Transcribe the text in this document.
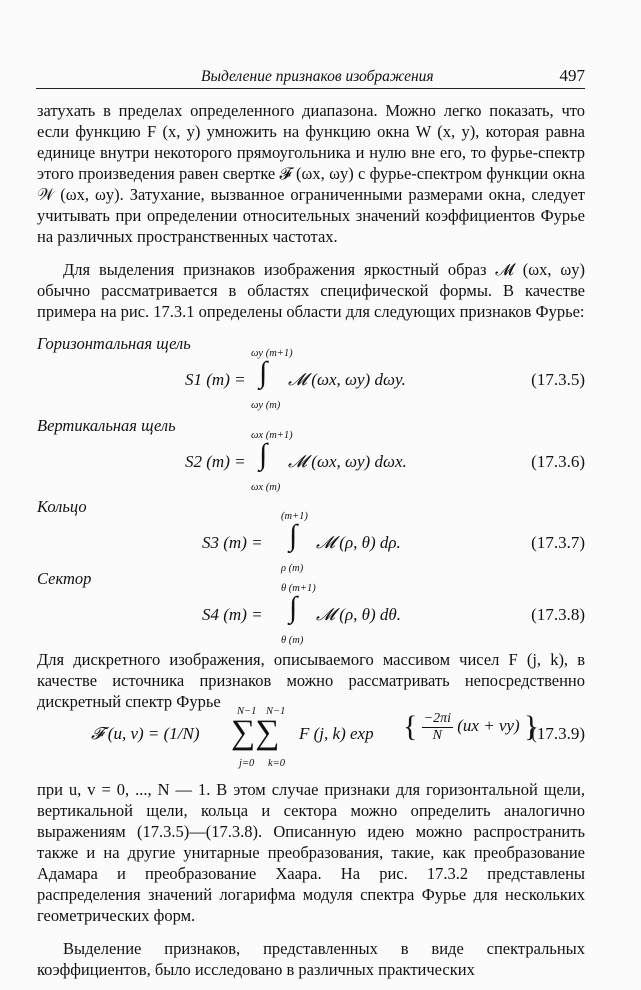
Выделение признаков изображения	497

затухать в пределах определенного диапазона. Можно легко показать, что если функцию F (x, y) умножить на функцию окна W (x, y), которая равна единице внутри некоторого прямоугольника и нулю вне его, то фурье-спектр этого произведения равен свертке 𝓕 (ωx, ωy) с фурье-спектром функции окна 𝒲 (ωx, ωy). Затухание, вызванное ограниченными размерами окна, следует учитывать при определении относительных значений коэффициентов Фурье на различных пространственных частотах.

Для выделения признаков изображения яркостный образ 𝓜 (ωx, ωy) обычно рассматривается в областях специфической формы. В качестве примера на рис. 17.3.1 определены области для следующих признаков Фурье:

Горизонтальная щель

ωy (m+1)
S1 (m) = ∫ 𝓜 (ωx, ωy) dωy.
ωy (m)
(17.3.5)

Вертикальная щель

ωx (m+1)
S2 (m) = ∫ 𝓜 (ωx, ωy) dωx.
ωx (m)
(17.3.6)

Кольцо

(m+1)
S3 (m) = ∫ 𝓜 (ρ, θ) dρ.
ρ (m)
(17.3.7)

Сектор

θ (m+1)
S4 (m) = ∫ 𝓜 (ρ, θ) dθ.
θ (m)
(17.3.8)

Для дискретного изображения, описываемого массивом чисел F (j, k), в качестве источника признаков можно рассматривать непосредственно дискретный спектр Фурье

N−1 N−1
𝓕 (u, v) = (1/N) ∑∑ F (j, k) exp { $\frac{-2\pi i}{N} (ux + vy)$ }
j=0 k=0
(17.3.9)

при u, v = 0, ..., N — 1. В этом случае признаки для горизонтальной щели, вертикальной щели, кольца и сектора можно определить аналогично выражениям (17.3.5)—(17.3.8). Описанную идею можно распространить также и на другие унитарные преобразования, такие, как преобразование Адамара и преобразование Хаара. На рис. 17.3.2 представлены распределения значений логарифма модуля спектра Фурье для нескольких геометрических форм.

Выделение признаков, представленных в виде спектральных коэффициентов, было исследовано в различных практических
